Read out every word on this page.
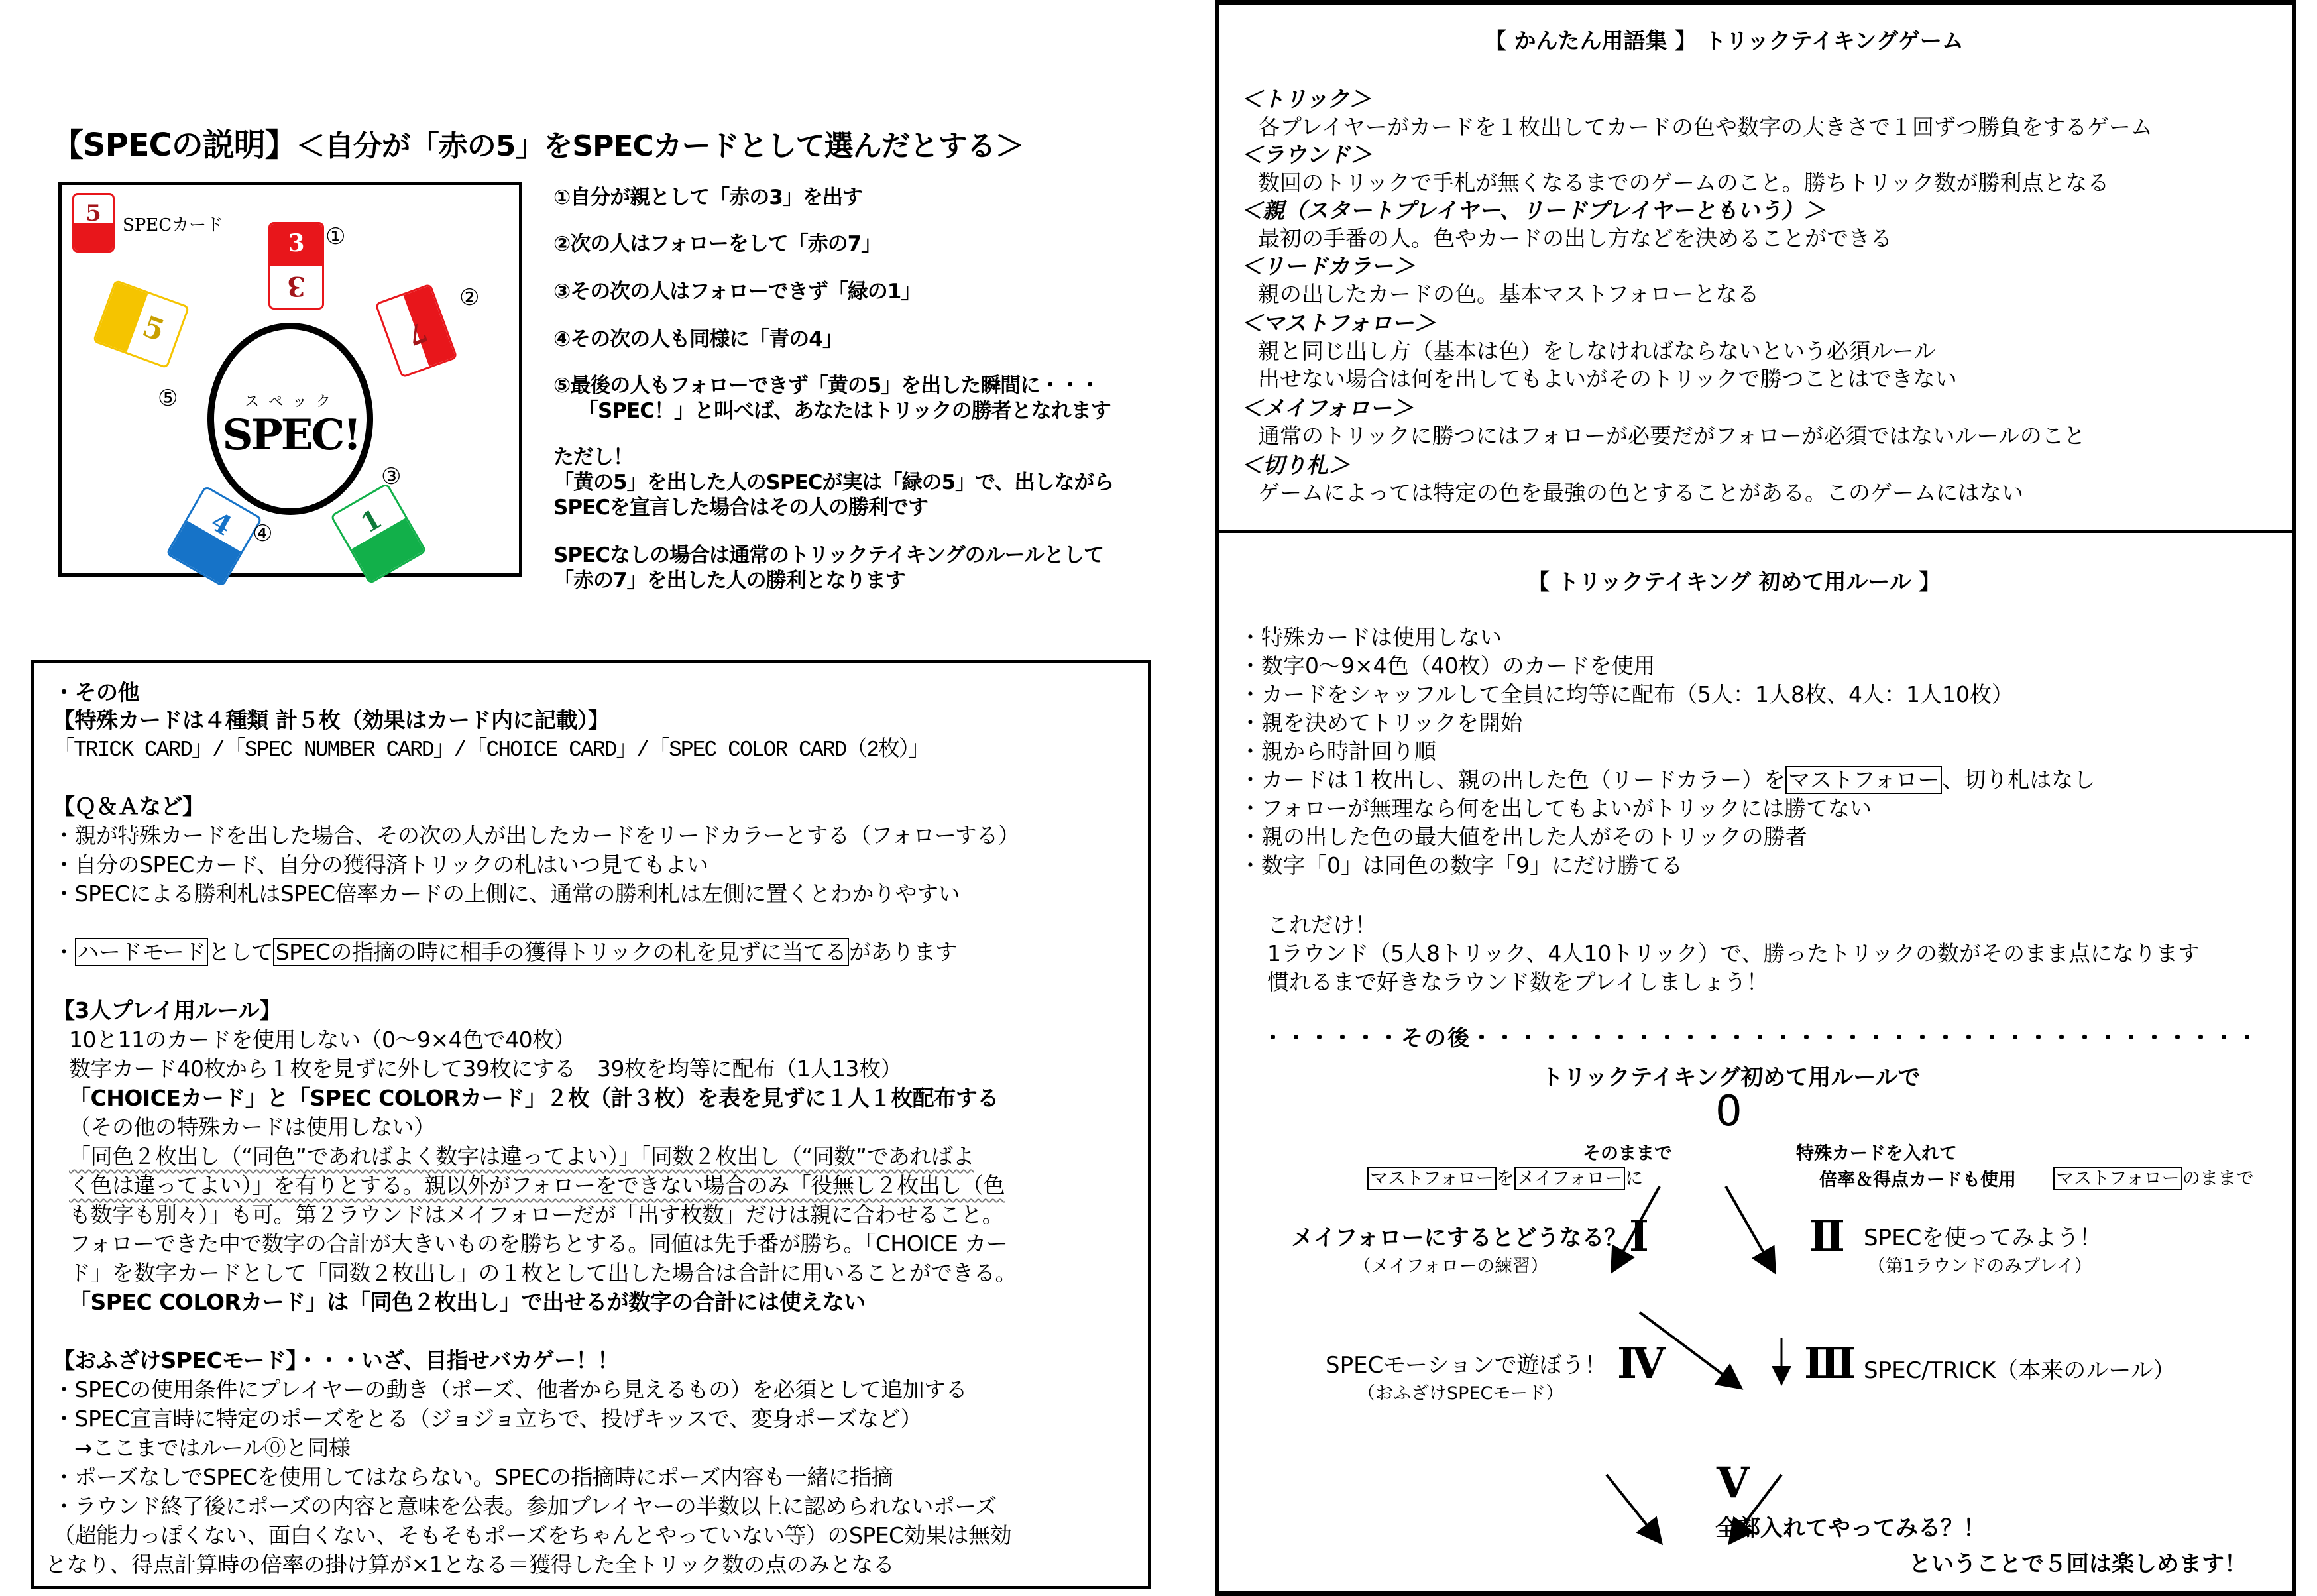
【SPECの説明】＜自分が「赤の5」をSPECカードとして選んだとする＞
5	SPECカード
3
3
①
7
②
スペック
SPEC!
5
⑤
4 ④	1
③
①自分が親として「赤の3」を出す
②次の人はフォローをして「赤の7」
③その次の人はフォローできず「緑の1」
④その次の人も同様に「青の4」
⑤最後の人もフォローできず「黄の5」を出した瞬間に・・・
「SPEC！」と叫べば、あなたはトリックの勝者となれます
ただし！
「黄の5」を出した人のSPECが実は「緑の5」で、出しながら
SPECを宣言した場合はその人の勝利です
SPECなしの場合は通常のトリックテイキングのルールとして
「赤の7」を出した人の勝利となります
・その他
【特殊カードは４種類 計５枚（効果はカード内に記載）】
「TRICK CARD」/「SPEC NUMBER CARD」/「CHOICE CARD」/「SPEC COLOR CARD（2枚）」
【Ｑ＆Ａなど】
・親が特殊カードを出した場合、その次の人が出したカードをリードカラーとする（フォローする）
・自分のSPECカード、自分の獲得済トリックの札はいつ見てもよい
・SPECによる勝利札はSPEC倍率カードの上側に、通常の勝利札は左側に置くとわかりやすい
・ ハードモード として SPECの指摘の時に相手の獲得トリックの札を見ずに当てる があります
【3人プレイ用ルール】
10と11のカードを使用しない（0〜9×4色で40枚）
数字カード40枚から１枚を見ずに外して39枚にする　39枚を均等に配布（1人13枚）
「CHOICEカード」と「SPEC COLORカード」２枚（計３枚）を表を見ずに１人１枚配布する
（その他の特殊カードは使用しない）
「同色２枚出し（“同色”であればよく数字は違ってよい）」「同数２枚出し（“同数”であればよ
く色は違ってよい）」を有りとする。親以外がフォローをできない場合のみ「役無し２枚出し（色
も数字も別々）」も可。第２ラウンドはメイフォローだが「出す枚数」だけは親に合わせること。
フォローできた中で数字の合計が大きいものを勝ちとする。同値は先手番が勝ち。「CHOICE カー
ド」を数字カードとして「同数２枚出し」の１枚として出した場合は合計に用いることができる。
「SPEC COLORカード」は「同色２枚出し」で出せるが数字の合計には使えない
【おふざけSPECモード】・・・いざ、目指せバカゲー！！
・SPECの使用条件にプレイヤーの動き（ポーズ、他者から見えるもの）を必須として追加する
・SPEC宣言時に特定のポーズをとる（ジョジョ立ちで、投げキッスで、変身ポーズなど）
→ここまではルール⓪と同様
・ポーズなしでSPECを使用してはならない。SPECの指摘時にポーズ内容も一緒に指摘
・ラウンド終了後にポーズの内容と意味を公表。参加プレイヤーの半数以上に認められないポーズ
（超能力っぽくない、面白くない、そもそもポーズをちゃんとやっていない等）のSPEC効果は無効
となり、得点計算時の倍率の掛け算が×1となる＝獲得した全トリック数の点のみとなる
【 かんたん用語集 】 トリックテイキングゲーム
＜トリック＞
各プレイヤーがカードを１枚出してカードの色や数字の大きさで１回ずつ勝負をするゲーム
＜ラウンド＞
数回のトリックで手札が無くなるまでのゲームのこと。勝ちトリック数が勝利点となる
＜親（スタートプレイヤー、リードプレイヤーともいう）＞
最初の手番の人。色やカードの出し方などを決めることができる
＜リードカラー＞
親の出したカードの色。基本マストフォローとなる
＜マストフォロー＞
親と同じ出し方（基本は色）をしなければならないという必須ルール
出せない場合は何を出してもよいがそのトリックで勝つことはできない
＜メイフォロー＞
通常のトリックに勝つにはフォローが必要だがフォローが必須ではないルールのこと
＜切り札＞
ゲームによっては特定の色を最強の色とすることがある。このゲームにはない
【 トリックテイキング 初めて用ルール 】
・特殊カードは使用しない
・数字0〜9×4色（40枚）のカードを使用
・カードをシャッフルして全員に均等に配布（5人：1人8枚、4人：1人10枚）
・親を決めてトリックを開始
・親から時計回り順
・カードは１枚出し、親の出した色（リードカラー）を マストフォロー 、切り札はなし
・フォローが無理なら何を出してもよいがトリックには勝てない
・親の出した色の最大値を出した人がそのトリックの勝者
・数字「0」は同色の数字「9」にだけ勝てる
これだけ！
1ラウンド（5人8トリック、4人10トリック）で、勝ったトリックの数がそのまま点になります
慣れるまで好きなラウンド数をプレイしましょう！
・・・・・・その後・・・・・・・・・・・・・・・・・・・・・・・・・・・・・・・・・・
トリックテイキング初めて用ルールで
0
そのままで
マストフォロー を メイフォロー に
特殊カードを入れて
倍率＆得点カードも使用 マストフォロー のままで
メイフォローにするとどうなる？
（メイフォローの練習）
Ⅰ	Ⅱ SPECを使ってみよう！
（第1ラウンドのみプレイ）
SPECモーションで遊ぼう！
（おふざけSPECモード）
Ⅳ	Ⅲ SPEC/TRICK（本来のルール）
Ⅴ
全部入れてやってみる？！
ということで５回は楽しめます！
